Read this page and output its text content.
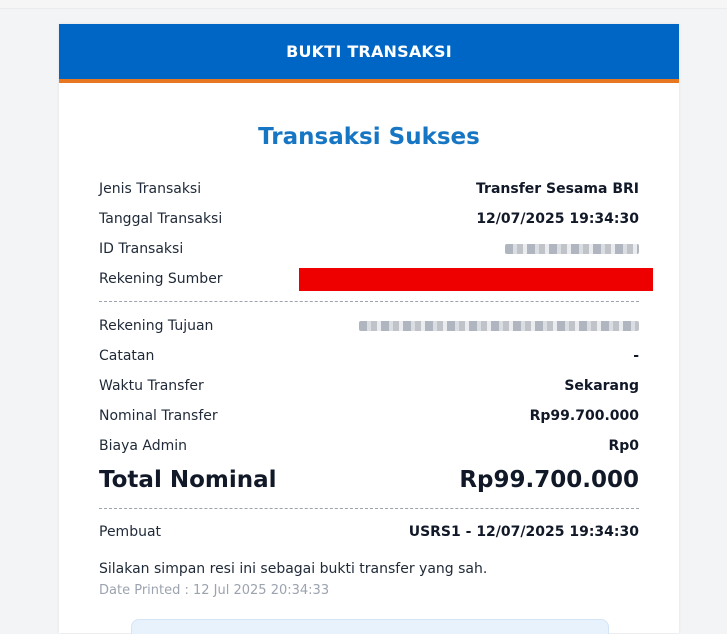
BUKTI TRANSAKSI
Transaksi Sukses
Jenis Transaksi	Transfer Sesama BRI
Tanggal Transaksi	12/07/2025 19:34:30
ID Transaksi
Rekening Sumber
Rekening Tujuan
Catatan	-
Waktu Transfer	Sekarang
Nominal Transfer	Rp99.700.000
Biaya Admin	Rp0
Total Nominal	Rp99.700.000
Pembuat	USRS1 - 12/07/2025 19:34:30
Silakan simpan resi ini sebagai bukti transfer yang sah.
Date Printed : 12 Jul 2025 20:34:33
